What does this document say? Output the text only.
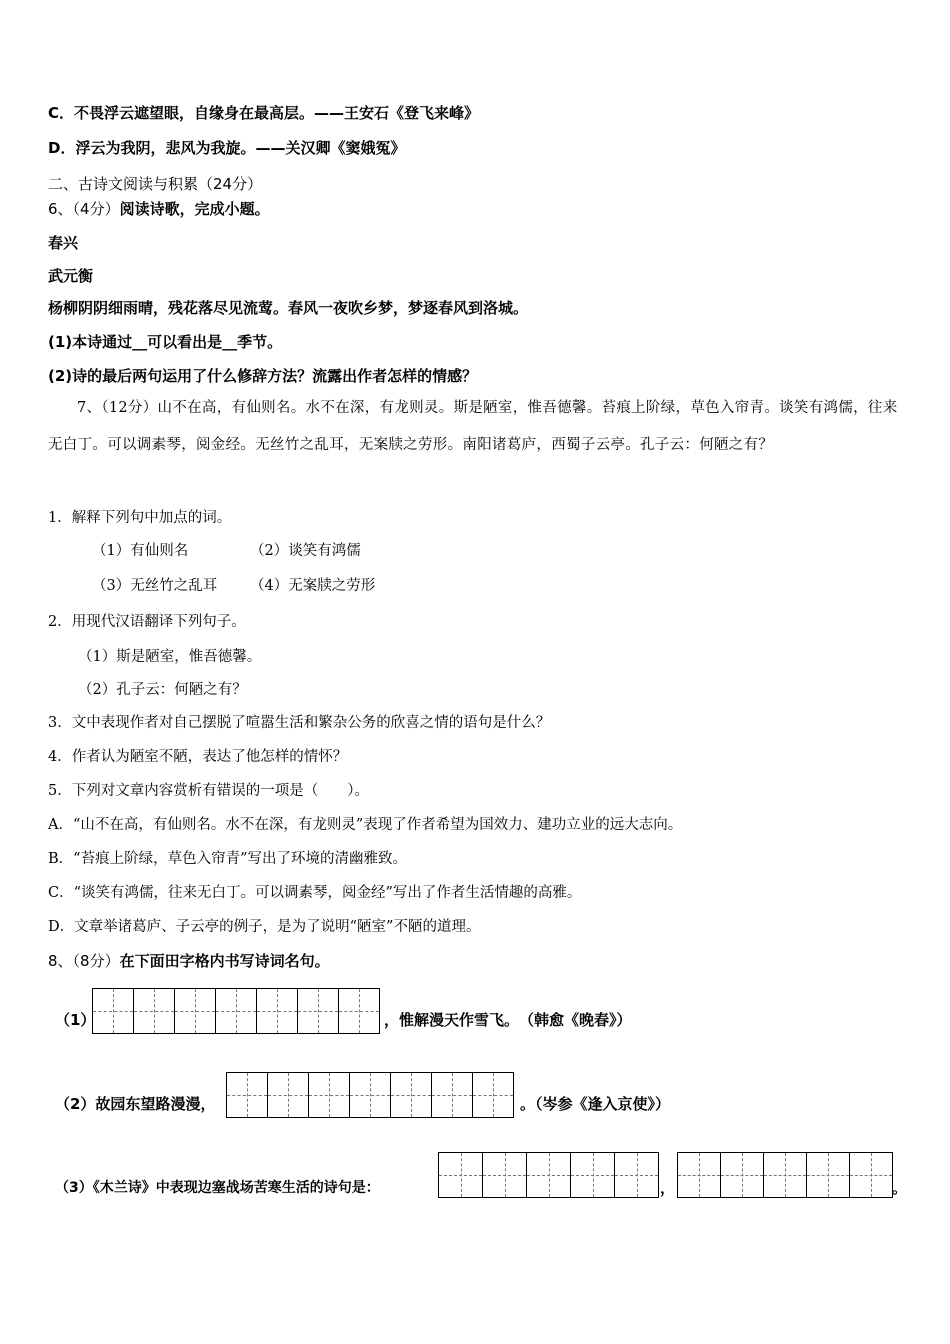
C．不畏浮云遮望眼，自缘身在最高层。——王安石《登飞来峰》
D．浮云为我阴，悲风为我旋。——关汉卿《窦娥冤》
二、古诗文阅读与积累（24分）
6、（4分）阅读诗歌，完成小题。
春兴
武元衡
杨柳阴阴细雨晴，残花落尽见流莺。春风一夜吹乡梦，梦逐春风到洛城。
(1)本诗通过__可以看出是__季节。
(2)诗的最后两句运用了什么修辞方法？流露出作者怎样的情感？
7、（12分）山不在高，有仙则名。水不在深，有龙则灵。斯是陋室，惟吾德馨。苔痕上阶绿，草色入帘青。谈笑有鸿儒，往来无白丁。可以调素琴，阅金经。无丝竹之乱耳，无案牍之劳形。南阳诸葛庐，西蜀子云亭。孔子云：何陋之有？
1．解释下列句中加点的词。
（1）有仙则名	（2）谈笑有鸿儒
（3）无丝竹之乱耳 （4）无案牍之劳形
2．用现代汉语翻译下列句子。
（1）斯是陋室，惟吾德馨。
（2）孔子云：何陋之有？
3．文中表现作者对自己摆脱了喧嚣生活和繁杂公务的欣喜之情的语句是什么？
4．作者认为陋室不陋，表达了他怎样的情怀？
5．下列对文章内容赏析有错误的一项是（　　）。
A．“山不在高，有仙则名。水不在深，有龙则灵”表现了作者希望为国效力、建功立业的远大志向。
B．“苔痕上阶绿，草色入帘青”写出了环境的清幽雅致。
C．“谈笑有鸿儒，往来无白丁。可以调素琴，阅金经”写出了作者生活情趣的高雅。
D．文章举诸葛庐、子云亭的例子，是为了说明“陋室”不陋的道理。
8、（8分）在下面田字格内书写诗词名句。
（1）	，惟解漫天作雪飞。　（韩愈《晚春》）
（2）故园东望路漫漫，	。（岑参《逢入京使》）
（3）《木兰诗》中表现边塞战场苦寒生活的诗句是：	，	。
